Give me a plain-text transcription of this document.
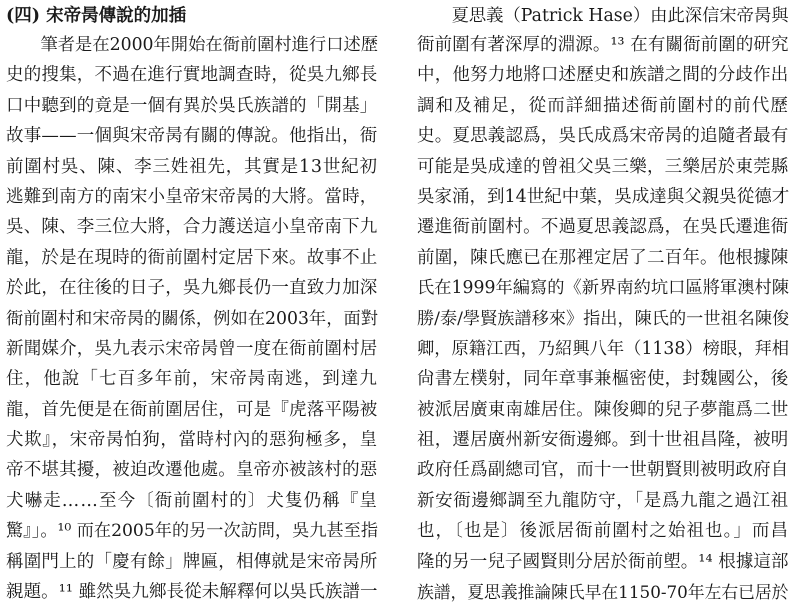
(四) 宋帝昺傳說的加插
　　筆者是在2000年開始在衙前圍村進行口述歷
史的搜集，不過在進行實地調查時，從吳九鄉長
口中聽到的竟是一個有異於吳氏族譜的「開基」
故事——一個與宋帝昺有關的傳說。他指出，衙
前圍村吳、陳、李三姓祖先，其實是13世紀初
逃難到南方的南宋小皇帝宋帝昺的大將。當時，
吳、陳、李三位大將，合力護送這小皇帝南下九
龍，於是在現時的衙前圍村定居下來。故事不止
於此，在往後的日子，吳九鄉長仍一直致力加深
衙前圍村和宋帝昺的關係，例如在2003年，面對
新聞媒介，吳九表示宋帝昺曾一度在衙前圍村居
住，他說「七百多年前，宋帝昺南逃，到達九
龍，首先便是在衙前圍居住，可是『虎落平陽被
犬欺』，宋帝昺怕狗，當時村內的惡狗極多，皇
帝不堪其擾，被迫改遷他處。皇帝亦被該村的惡
犬嚇走……至今〔衙前圍村的〕犬隻仍稱『皇
驚』」。¹⁰ 而在2005年的另一次訪問，吳九甚至指
稱圍門上的「慶有餘」牌匾，相傳就是宋帝昺所
親題。¹¹ 雖然吳九鄉長從未解釋何以吳氏族譜一
　　夏思義（Patrick Hase）由此深信宋帝昺與
衙前圍有著深厚的淵源。¹³ 在有關衙前圍的研究
中，他努力地將口述歷史和族譜之間的分歧作出
調和及補足，從而詳細描述衙前圍村的前代歷
史。夏思義認爲，吳氏成爲宋帝昺的追隨者最有
可能是吳成達的曾祖父吳三樂，三樂居於東莞縣
吳家涌，到14世紀中葉，吳成達與父親吳從德才
遷進衙前圍村。不過夏思義認爲，在吳氏遷進衙
前圍，陳氏應已在那裡定居了二百年。他根據陳
氏在1999年編寫的《新界南約坑口區將軍澳村陳
勝/泰/學賢族譜移來》指出，陳氏的一世祖名陳俊
卿，原籍江西，乃紹興八年（1138）榜眼，拜相
尙書左樸射，同年章事兼樞密使，封魏國公，後
被派居廣東南雄居住。陳俊卿的兒子夢龍爲二世
祖，遷居廣州新安衙邊鄉。到十世祖昌隆，被明
政府任爲副總司官，而十一世朝賢則被明政府自
新安衙邊鄉調至九龍防守，「是爲九龍之過江祖
也，〔也是〕後派居衙前圍村之始祖也。」而昌
隆的另一兒子國賢則分居於衙前塱。¹⁴ 根據這部
族譜，夏思義推論陳氏早在1150-70年左右已居於
